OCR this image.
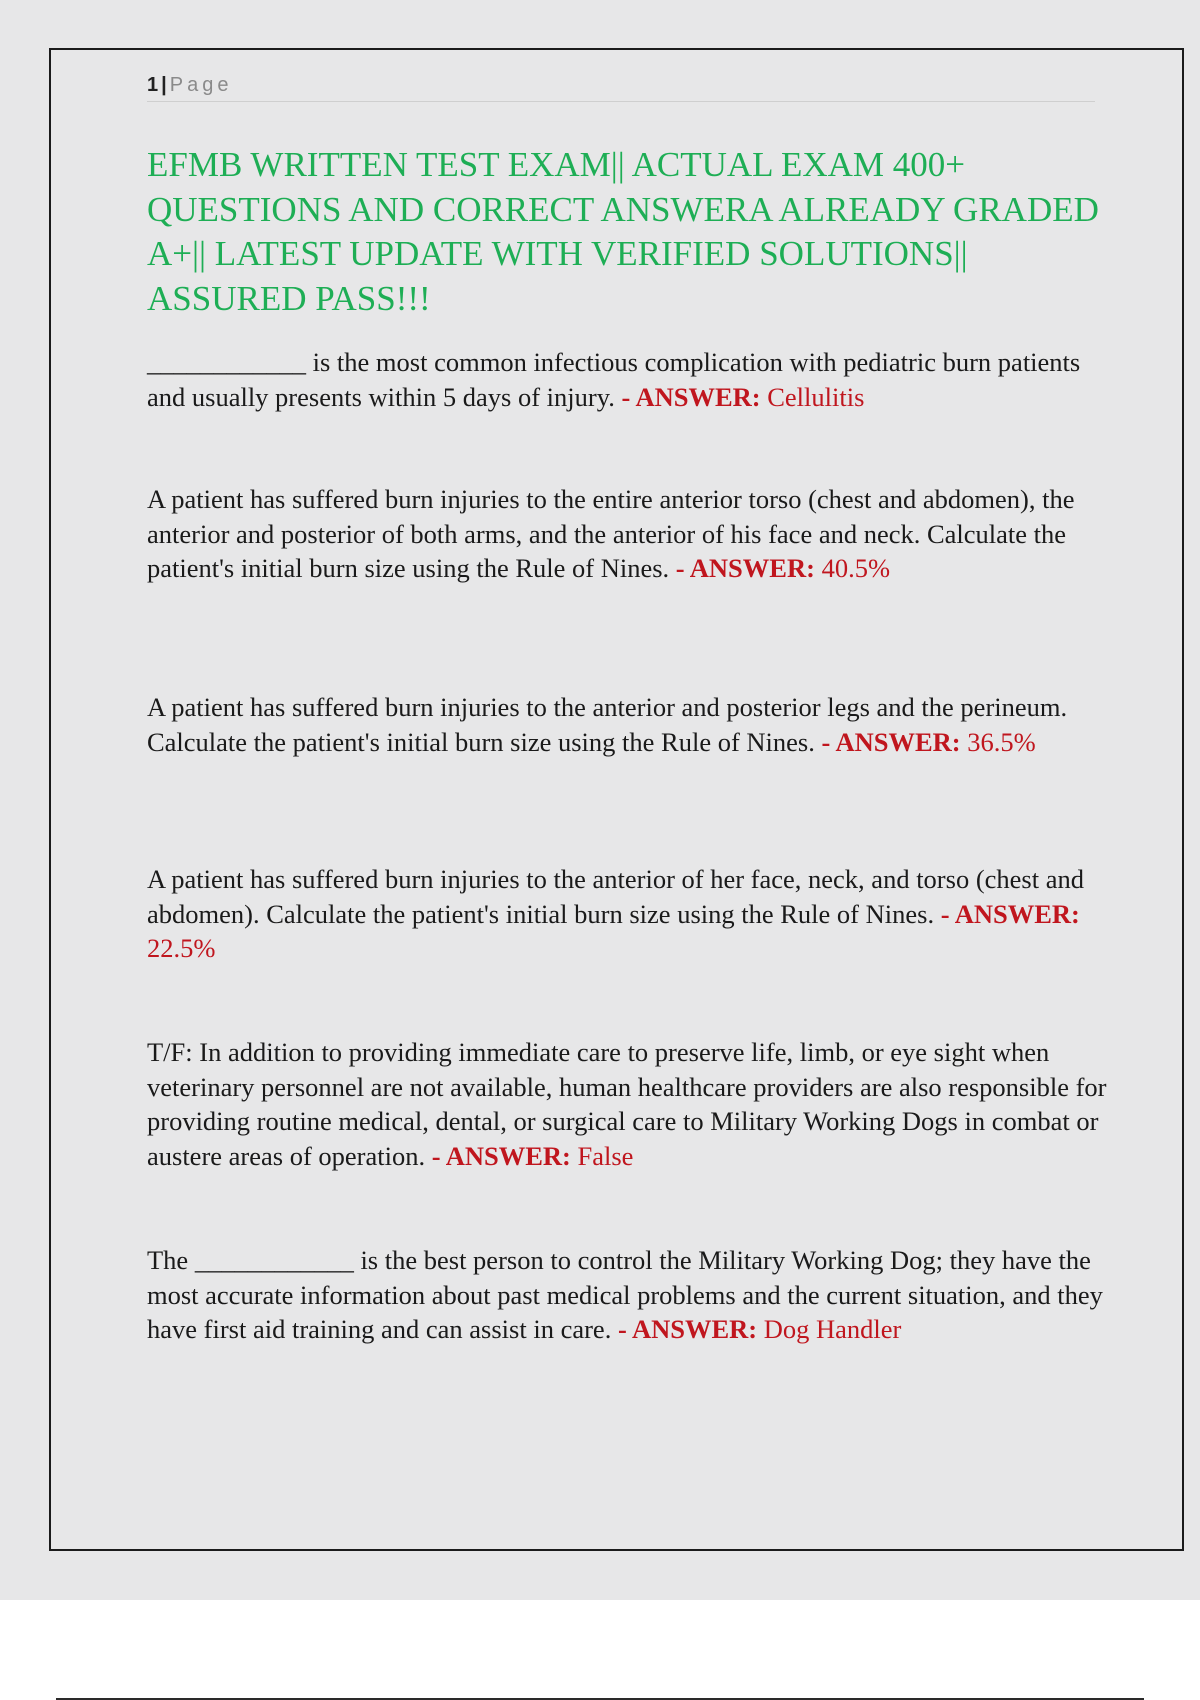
1 | Page
EFMB WRITTEN TEST EXAM|| ACTUAL EXAM 400+ QUESTIONS AND CORRECT ANSWERA ALREADY GRADED A+|| LATEST UPDATE WITH VERIFIED SOLUTIONS|| ASSURED PASS!!!

____________ is the most common infectious complication with pediatric burn patients and usually presents within 5 days of injury. - ANSWER: Cellulitis

A patient has suffered burn injuries to the entire anterior torso (chest and abdomen), the anterior and posterior of both arms, and the anterior of his face and neck. Calculate the patient's initial burn size using the Rule of Nines. - ANSWER: 40.5%

A patient has suffered burn injuries to the anterior and posterior legs and the perineum. Calculate the patient's initial burn size using the Rule of Nines. - ANSWER: 36.5%

A patient has suffered burn injuries to the anterior of her face, neck, and torso (chest and abdomen). Calculate the patient's initial burn size using the Rule of Nines. - ANSWER: 22.5%

T/F: In addition to providing immediate care to preserve life, limb, or eye sight when veterinary personnel are not available, human healthcare providers are also responsible for providing routine medical, dental, or surgical care to Military Working Dogs in combat or austere areas of operation. - ANSWER: False

The ____________ is the best person to control the Military Working Dog; they have the most accurate information about past medical problems and the current situation, and they have first aid training and can assist in care. - ANSWER: Dog Handler
